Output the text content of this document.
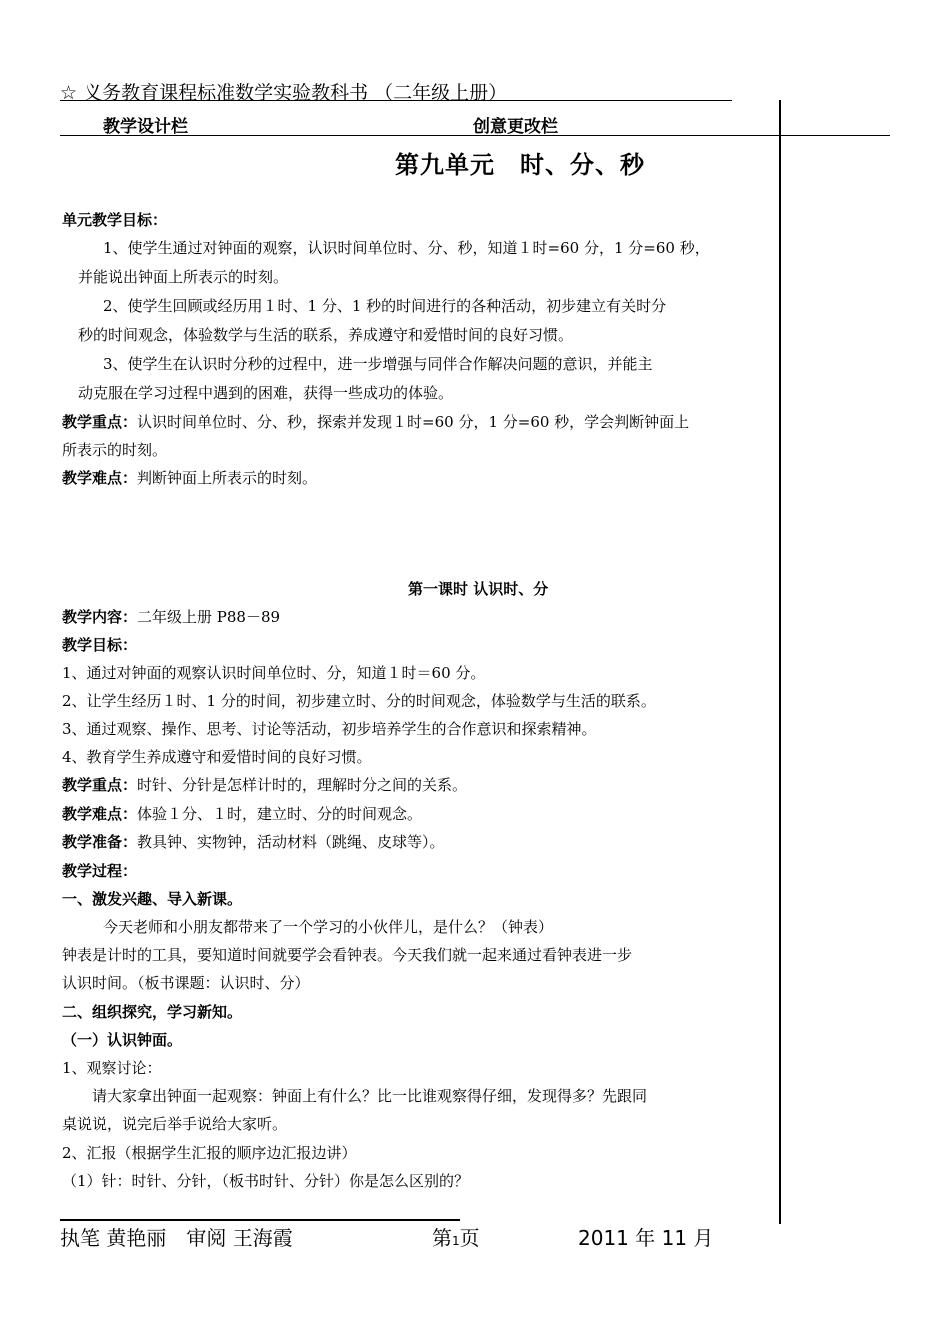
☆ 义务教育课程标准数学实验教科书 （二年级上册）
教学设计栏	创意更改栏
第九单元　时、分、秒
单元教学目标：
1、使学生通过对钟面的观察，认识时间单位时、分、秒，知道１时=60 分，1 分=60 秒，
并能说出钟面上所表示的时刻。
2、使学生回顾或经历用１时、1 分、1 秒的时间进行的各种活动，初步建立有关时分
秒的时间观念，体验数学与生活的联系，养成遵守和爱惜时间的良好习惯。
3、使学生在认识时分秒的过程中，进一步增强与同伴合作解决问题的意识，并能主
动克服在学习过程中遇到的困难，获得一些成功的体验。
教学重点：认识时间单位时、分、秒，探索并发现１时=60 分，1 分=60 秒，学会判断钟面上
所表示的时刻。
教学难点：判断钟面上所表示的时刻。
第一课时 认识时、分
教学内容：二年级上册 P88－89
教学目标：
1、通过对钟面的观察认识时间单位时、分，知道１时＝60 分。
2、让学生经历１时、1 分的时间，初步建立时、分的时间观念，体验数学与生活的联系。
3、通过观察、操作、思考、讨论等活动，初步培养学生的合作意识和探索精神。
4、教育学生养成遵守和爱惜时间的良好习惯。
教学重点：时针、分针是怎样计时的，理解时分之间的关系。
教学难点：体验１分、１时，建立时、分的时间观念。
教学准备：教具钟、实物钟，活动材料（跳绳、皮球等）。
教学过程：
一、激发兴趣、导入新课。
今天老师和小朋友都带来了一个学习的小伙伴儿，是什么？（钟表）
钟表是计时的工具，要知道时间就要学会看钟表。今天我们就一起来通过看钟表进一步
认识时间。（板书课题：认识时、分）
二、组织探究，学习新知。
（一）认识钟面。
1、观察讨论：
请大家拿出钟面一起观察：钟面上有什么？比一比谁观察得仔细，发现得多？先跟同
桌说说，说完后举手说给大家听。
2、汇报（根据学生汇报的顺序边汇报边讲）
（1）针：时针、分针，（板书时针、分针）你是怎么区别的？
执笔 黄艳丽　审阅 王海霞	第1页	2011 年 11 月
